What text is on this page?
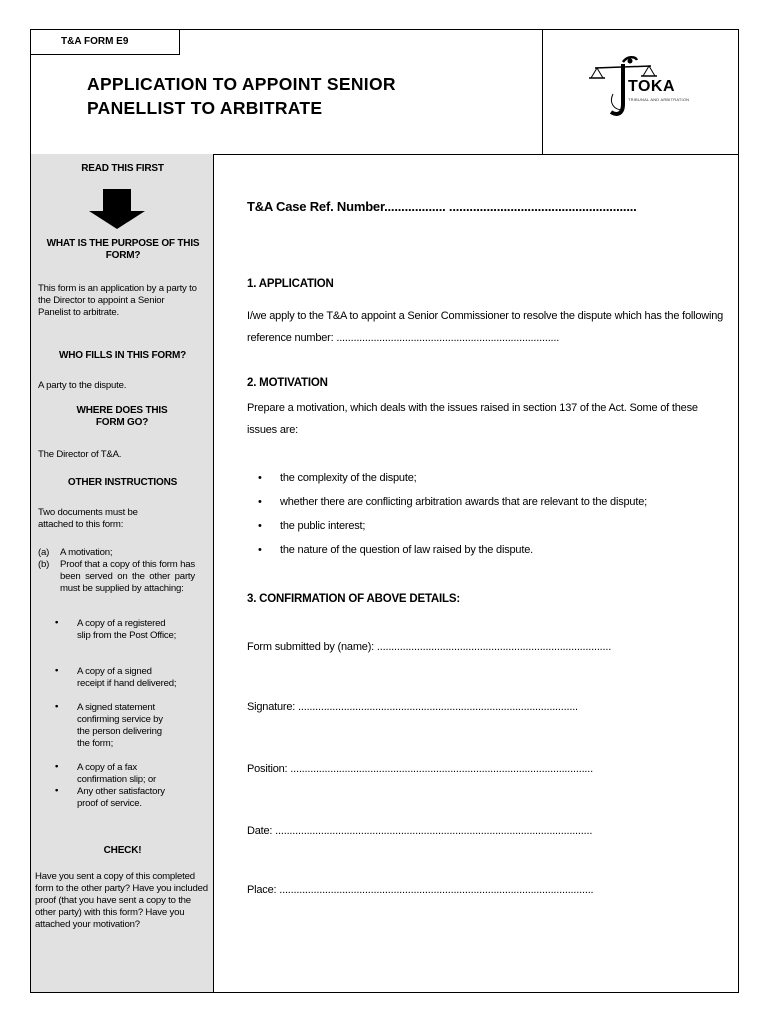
T&A FORM E9
APPLICATION TO APPOINT SENIOR
PANELLIST TO ARBITRATE
TOKA
TRIBUNAL AND ARBITRATION
READ THIS FIRST
WHAT IS THE PURPOSE OF THIS FORM?
This form is an application by a party to the Director to appoint a Senior Panelist to arbitrate.
WHO FILLS IN THIS FORM?
A party to the dispute.
WHERE DOES THIS FORM GO?
The Director of T&A.
OTHER INSTRUCTIONS
Two documents must be attached to this form:
(a) A motivation;
(b) Proof that a copy of this form has been served on the other party must be supplied by attaching:
• A copy of a registered slip from the Post Office;
• A copy of a signed receipt if hand delivered;
• A signed statement confirming service by the person delivering the form;
• A copy of a fax confirmation slip; or
• Any other satisfactory proof of service.
CHECK!
Have you sent a copy of this completed form to the other party? Have you included proof (that you have sent a copy to the other party) with this form? Have you attached your motivation?
T&A Case Ref. Number.................. .......................................................
1. APPLICATION
I/we apply to the T&A to appoint a Senior Commissioner to resolve the dispute which has the following reference number: ..............................................................................
2. MOTIVATION
Prepare a motivation, which deals with the issues raised in section 137 of the Act. Some of these issues are:
• the complexity of the dispute;
• whether there are conflicting arbitration awards that are relevant to the dispute;
• the public interest;
• the nature of the question of law raised by the dispute.
3. CONFIRMATION OF ABOVE DETAILS:
Form submitted by (name): ..................................................................................
Signature: ..................................................................................................
Position: ..........................................................................................................
Date: ...............................................................................................................
Place: ..............................................................................................................
